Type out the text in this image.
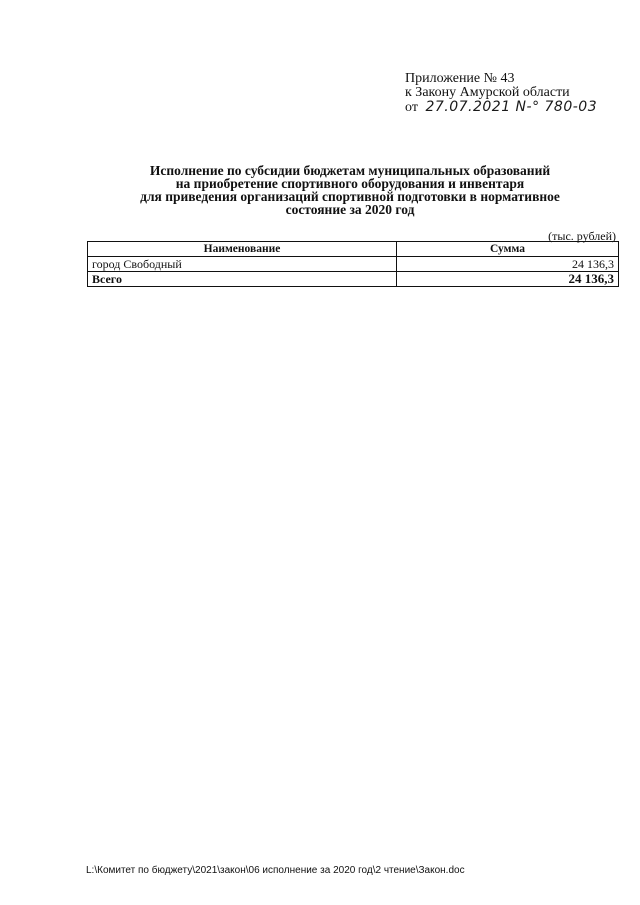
Приложение № 43
к Закону Амурской области
от 27.07.2021 N-° 780-03
Исполнение по субсидии бюджетам муниципальных образований
на приобретение спортивного оборудования и инвентаря
для приведения организаций спортивной подготовки в нормативное
состояние за 2020 год
(тыс. рублей)
Наименование	Сумма
город Свободный	24 136,3
Всего	24 136,3
L:\Комитет по бюджету\2021\закон\06 исполнение за 2020 год\2 чтение\Закон.doc
